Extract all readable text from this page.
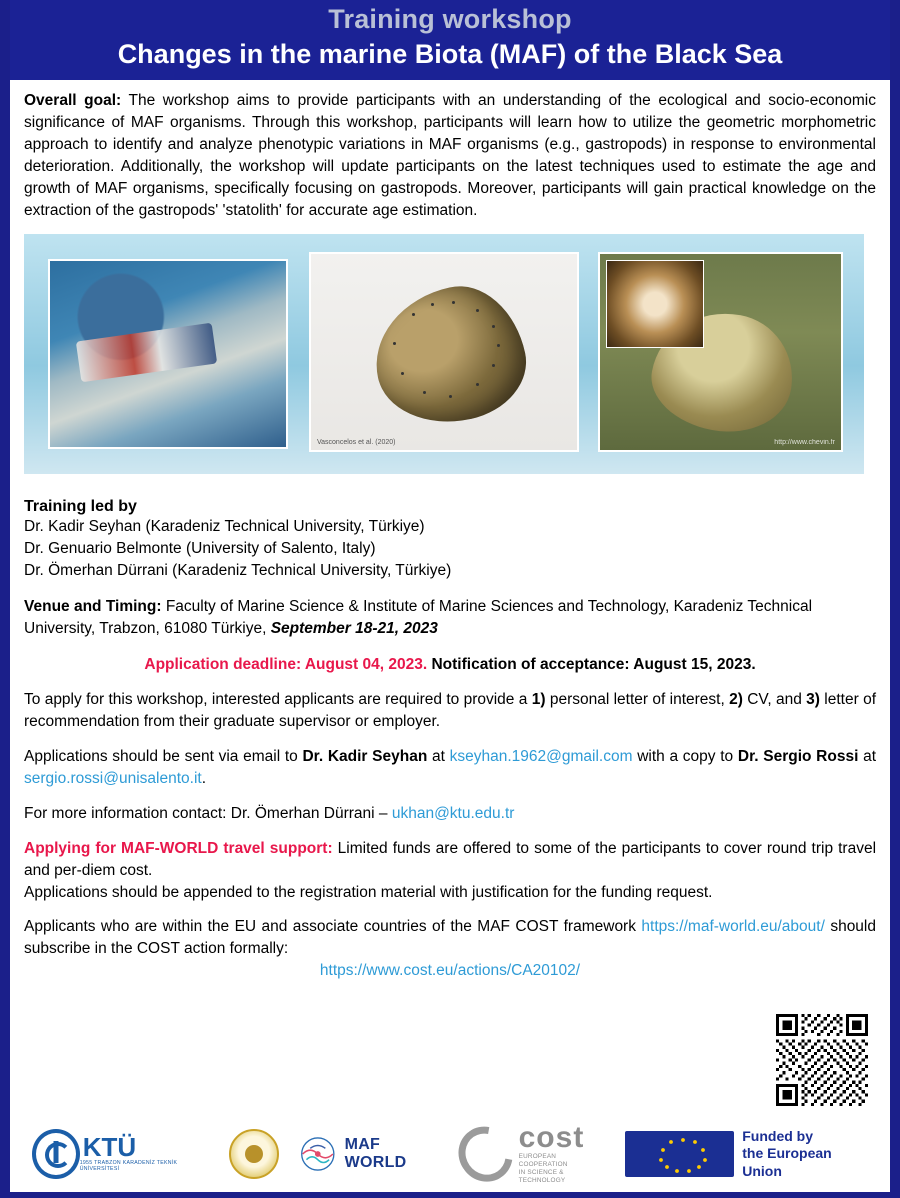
Training workshop
Changes in the marine Biota (MAF) of the Black Sea

Overall goal: The workshop aims to provide participants with an understanding of the ecological and socio-economic significance of MAF organisms. Through this workshop, participants will learn how to utilize the geometric morphometric approach to identify and analyze phenotypic variations in MAF organisms (e.g., gastropods) in response to environmental deterioration. Additionally, the workshop will update participants on the latest techniques used to estimate the age and growth of MAF organisms, specifically focusing on gastropods. Moreover, participants will gain practical knowledge on the extraction of the gastropods' 'statolith' for accurate age estimation.

Vasconcelos et al. (2020)	http://www.chevin.fr

Training led by

Dr. Kadir Seyhan (Karadeniz Technical University, Türkiye)

Dr. Genuario Belmonte (University of Salento, Italy)

Dr. Ömerhan Dürrani (Karadeniz Technical University, Türkiye)

Venue and Timing: Faculty of Marine Science & Institute of Marine Sciences and Technology, Karadeniz Technical University, Trabzon, 61080 Türkiye, September 18-21, 2023

Application deadline: August 04, 2023. Notification of acceptance: August 15, 2023.

To apply for this workshop, interested applicants are required to provide a 1) personal letter of interest, 2) CV, and 3) letter of recommendation from their graduate supervisor or employer.

Applications should be sent via email to Dr. Kadir Seyhan at kseyhan.1962@gmail.com with a copy to Dr. Sergio Rossi at sergio.rossi@unisalento.it.

For more information contact: Dr. Ömerhan Dürrani – ukhan@ktu.edu.tr

Applying for MAF-WORLD travel support: Limited funds are offered to some of the participants to cover round trip travel and per-diem cost.

Applications should be appended to the registration material with justification for the funding request.

Applicants who are within the EU and associate countries of the MAF COST framework https://maf-world.eu/about/ should subscribe in the COST action formally:

https://www.cost.eu/actions/CA20102/

KTÜ
1955 TRABZON KARADENİZ TEKNİK ÜNİVERSİTESİ
MAF WORLD
cost
EUROPEAN COOPERATION
IN SCIENCE & TECHNOLOGY
Funded by
the European Union
